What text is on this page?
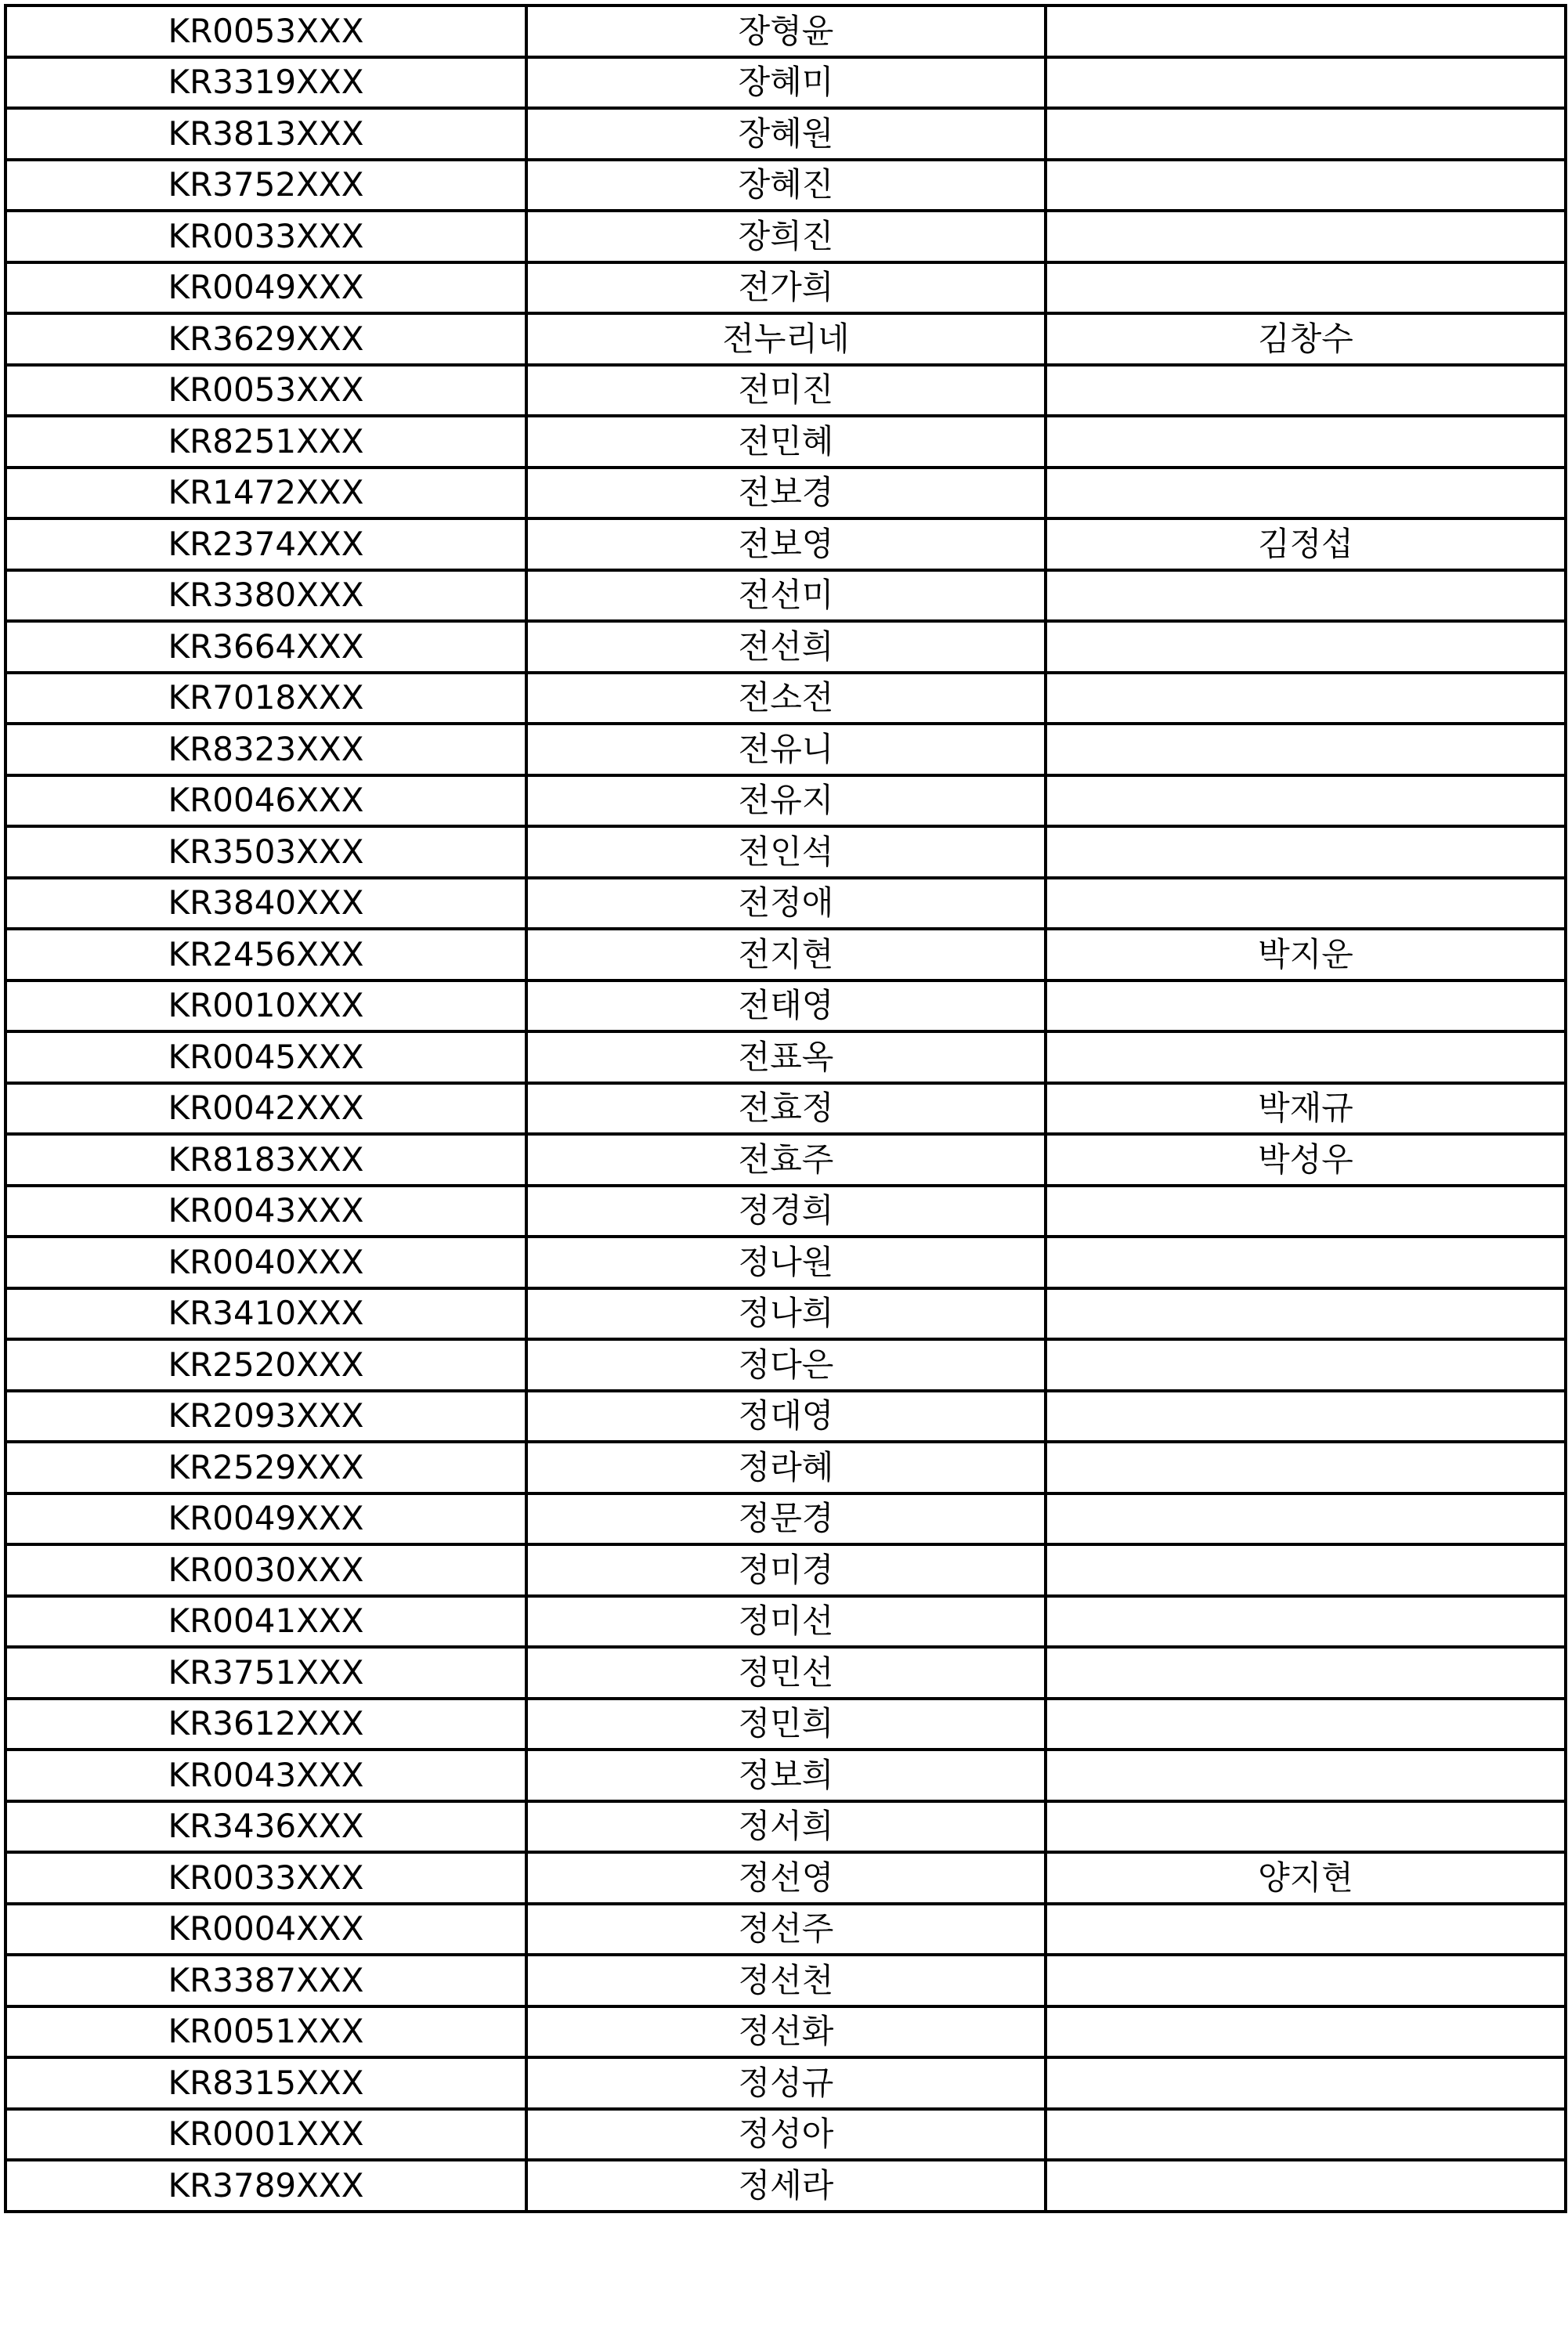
KR0053XXX	장형윤	
KR3319XXX	장혜미	
KR3813XXX	장혜원	
KR3752XXX	장혜진	
KR0033XXX	장희진	
KR0049XXX	전가희	
KR3629XXX	전누리네	김창수
KR0053XXX	전미진	
KR8251XXX	전민혜	
KR1472XXX	전보경	
KR2374XXX	전보영	김정섭
KR3380XXX	전선미	
KR3664XXX	전선희	
KR7018XXX	전소전	
KR8323XXX	전유니	
KR0046XXX	전유지	
KR3503XXX	전인석	
KR3840XXX	전정애	
KR2456XXX	전지현	박지운
KR0010XXX	전태영	
KR0045XXX	전표옥	
KR0042XXX	전효정	박재규
KR8183XXX	전효주	박성우
KR0043XXX	정경희	
KR0040XXX	정나원	
KR3410XXX	정나희	
KR2520XXX	정다은	
KR2093XXX	정대영	
KR2529XXX	정라혜	
KR0049XXX	정문경	
KR0030XXX	정미경	
KR0041XXX	정미선	
KR3751XXX	정민선	
KR3612XXX	정민희	
KR0043XXX	정보희	
KR3436XXX	정서희	
KR0033XXX	정선영	양지현
KR0004XXX	정선주	
KR3387XXX	정선천	
KR0051XXX	정선화	
KR8315XXX	정성규	
KR0001XXX	정성아	
KR3789XXX	정세라	
